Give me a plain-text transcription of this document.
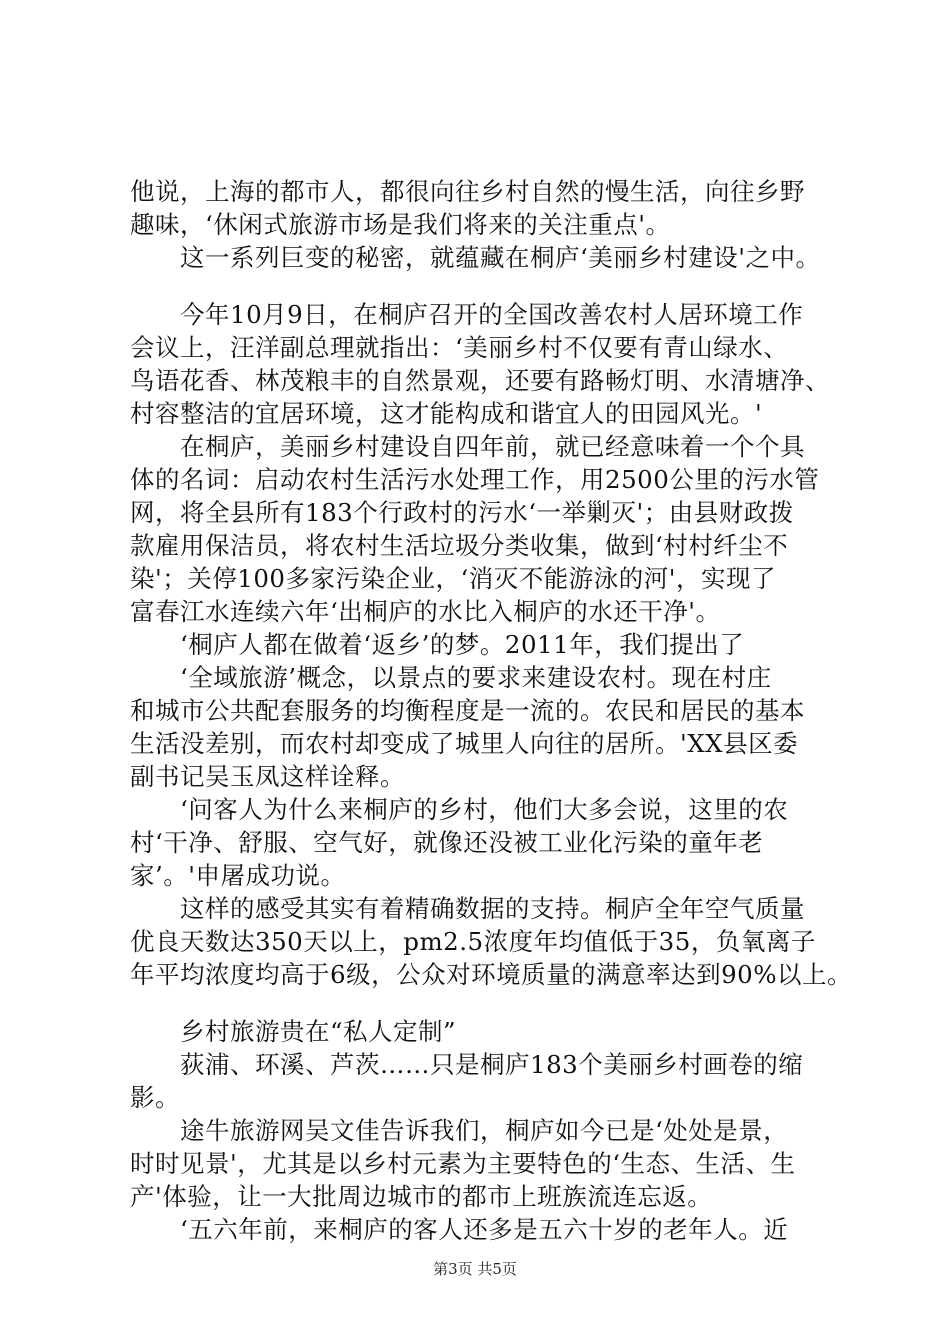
他说，上海的都市人，都很向往乡村自然的慢生活，向往乡野
趣味，‘休闲式旅游市场是我们将来的关注重点'。
这一系列巨变的秘密，就蕴藏在桐庐‘美丽乡村建设'之中。
今年10月9日，在桐庐召开的全国改善农村人居环境工作
会议上，汪洋副总理就指出：‘美丽乡村不仅要有青山绿水、
鸟语花香、林茂粮丰的自然景观，还要有路畅灯明、水清塘净、
村容整洁的宜居环境，这才能构成和谐宜人的田园风光。'
在桐庐，美丽乡村建设自四年前，就已经意味着一个个具
体的名词：启动农村生活污水处理工作，用2500公里的污水管
网，将全县所有183个行政村的污水‘一举剿灭'；由县财政拨
款雇用保洁员，将农村生活垃圾分类收集，做到‘村村纤尘不
染'；关停100多家污染企业，‘消灭不能游泳的河'，实现了
富春江水连续六年‘出桐庐的水比入桐庐的水还干净'。
‘桐庐人都在做着‘返乡’的梦。2011年，我们提出了
‘全域旅游’概念，以景点的要求来建设农村。现在村庄
和城市公共配套服务的均衡程度是一流的。农民和居民的基本
生活没差别，而农村却变成了城里人向往的居所。'XX县区委
副书记吴玉凤这样诠释。
‘问客人为什么来桐庐的乡村，他们大多会说，这里的农
村‘干净、舒服、空气好，就像还没被工业化污染的童年老
家’。'申屠成功说。
这样的感受其实有着精确数据的支持。桐庐全年空气质量
优良天数达350天以上，pm2.5浓度年均值低于35，负氧离子
年平均浓度均高于6级，公众对环境质量的满意率达到90%以上。
乡村旅游贵在“私人定制”
荻浦、环溪、芦茨……只是桐庐183个美丽乡村画卷的缩
影。
途牛旅游网吴文佳告诉我们，桐庐如今已是‘处处是景，
时时见景'，尤其是以乡村元素为主要特色的‘生态、生活、生
产'体验，让一大批周边城市的都市上班族流连忘返。
‘五六年前，来桐庐的客人还多是五六十岁的老年人。近
第3页 共5页
